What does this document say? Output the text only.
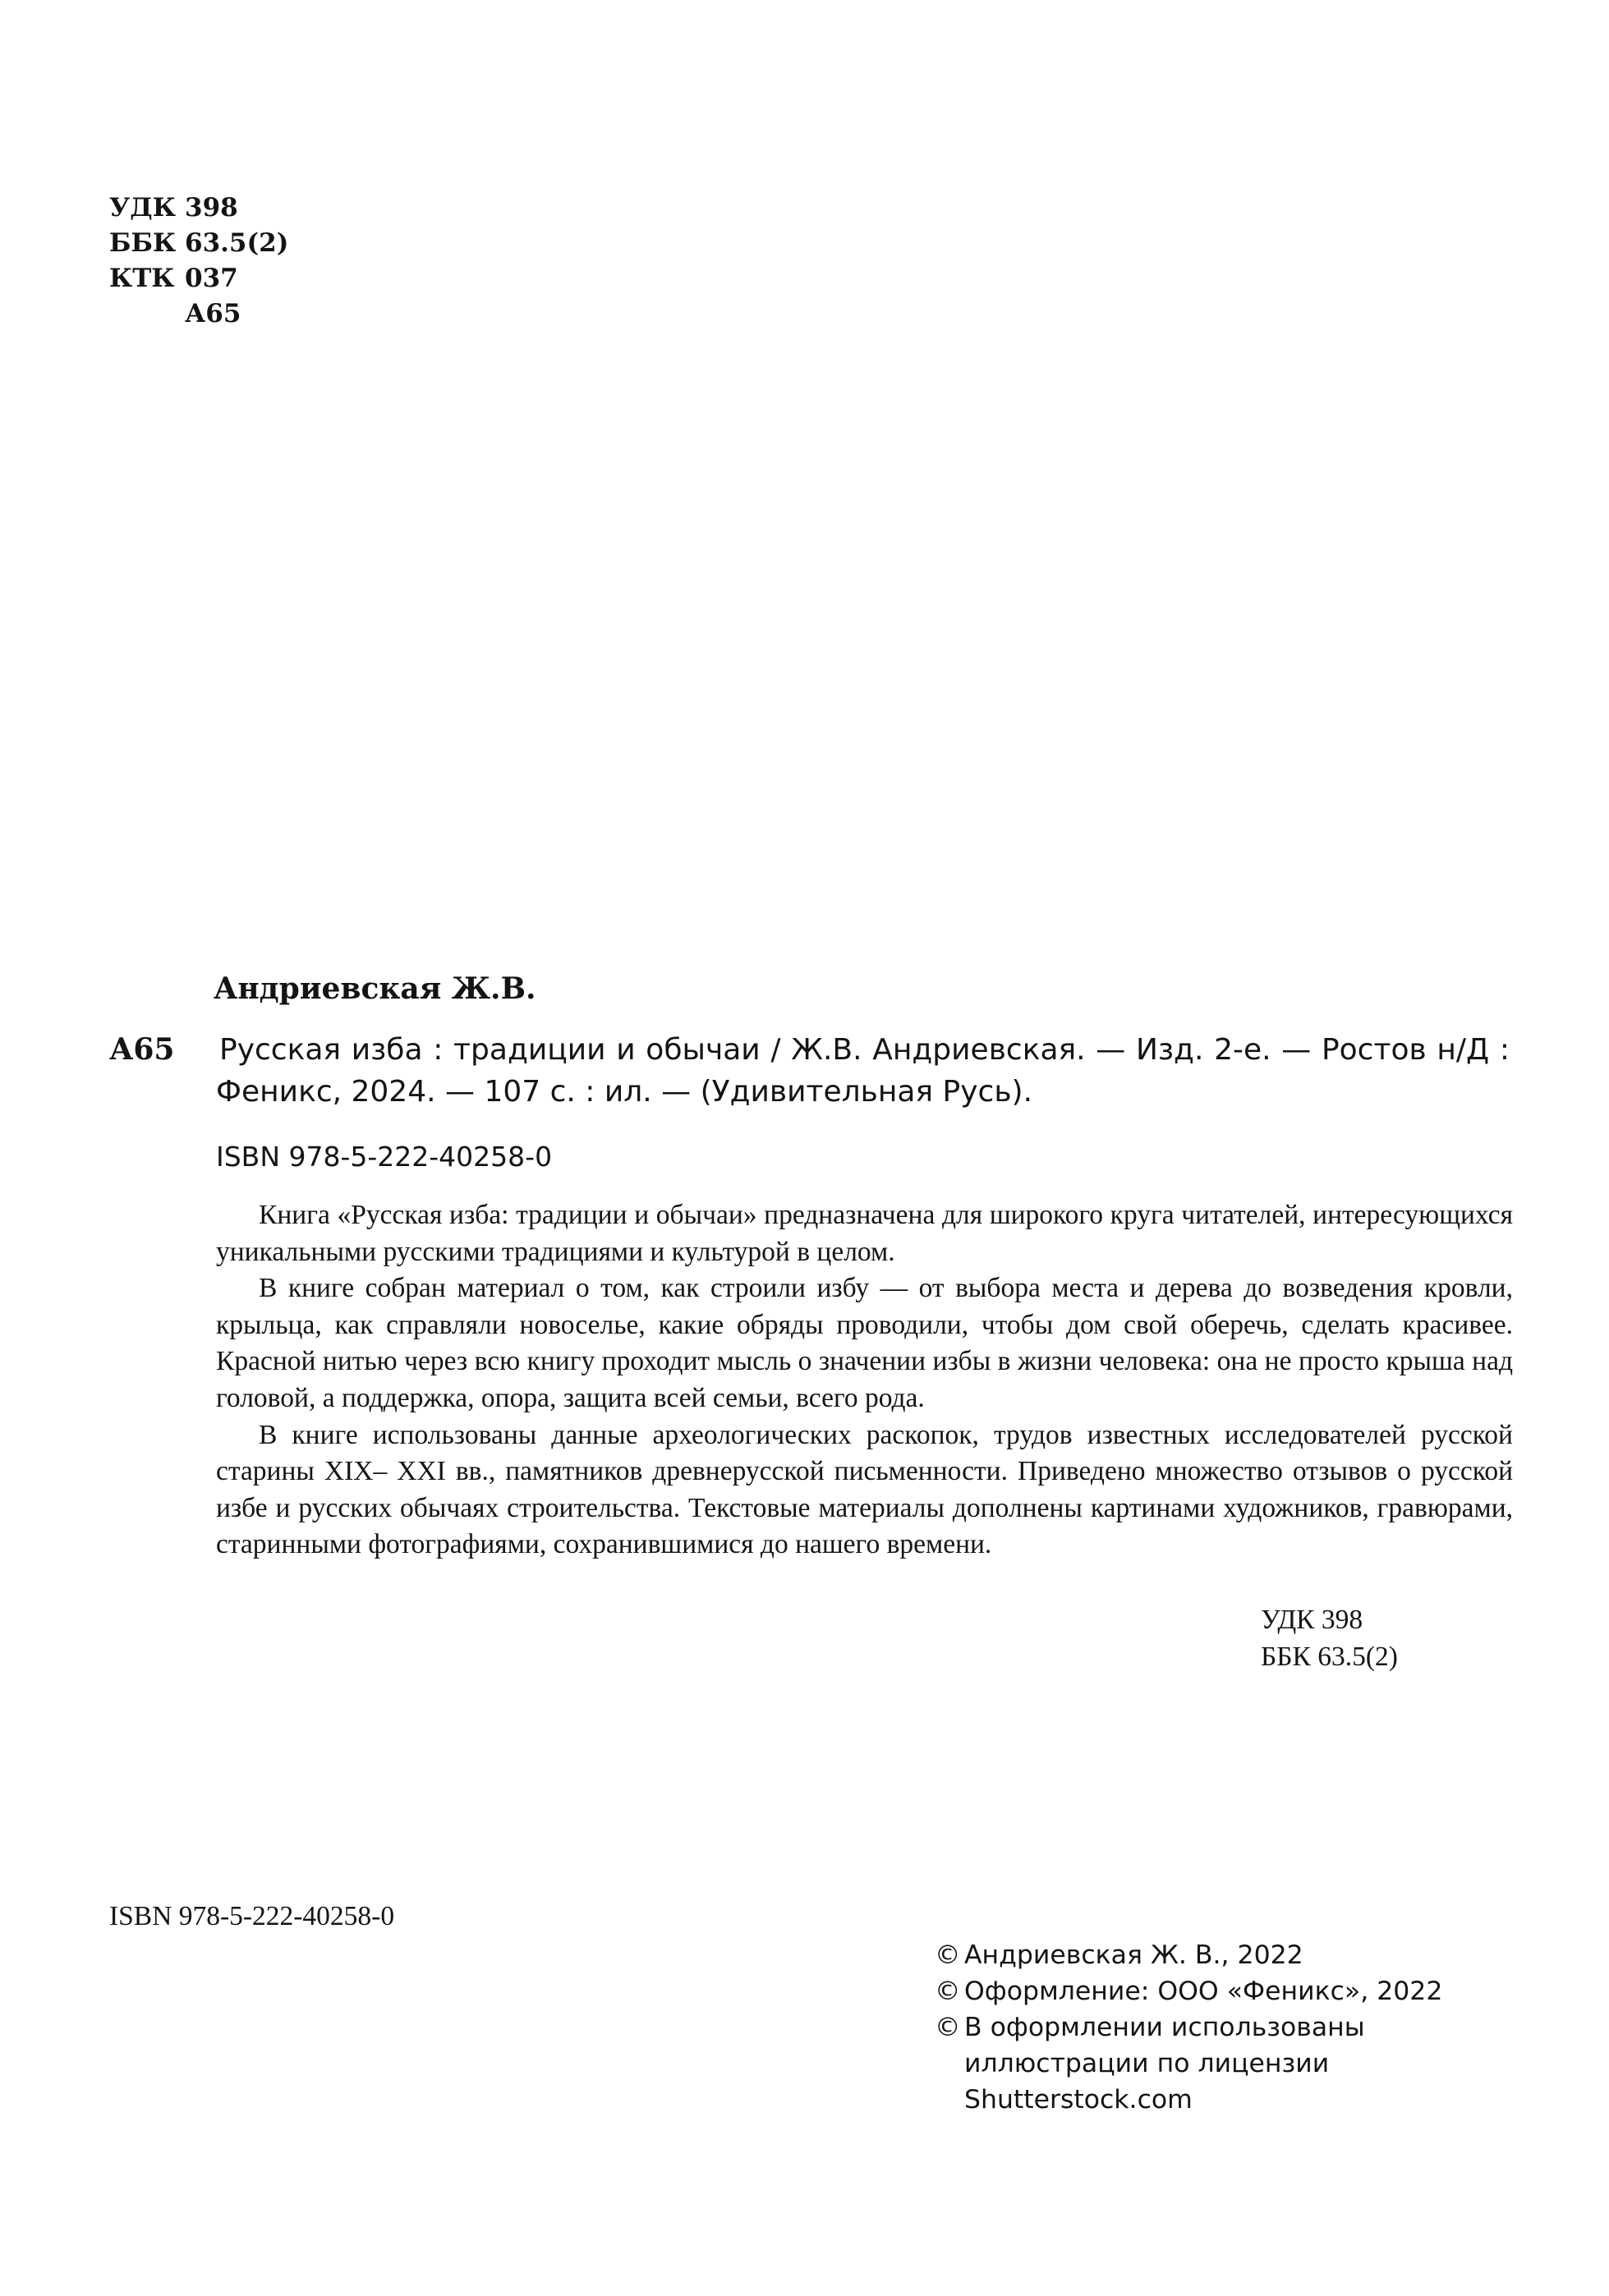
УДК 398
ББК 63.5(2)
КТК 037
А65
Андриевская Ж.В.
А65 Русская изба : традиции и обычаи / Ж.В. Андриевская. — Изд. 2-е. — Ростов н/Д : Феникс, 2024. — 107 с. : ил. — (Удивительная Русь).
ISBN 978-5-222-40258-0

Книга «Русская изба: традиции и обычаи» предназначена для широкого круга читателей, интересующихся уникальными русскими традициями и культурой в целом.

В книге собран материал о том, как строили избу — от выбора места и дерева до возведения кровли, крыльца, как справляли новоселье, какие обряды проводили, чтобы дом свой оберечь, сделать красивее. Красной нитью через всю книгу проходит мысль о значении избы в жизни человека: она не просто крыша над головой, а поддержка, опора, защита всей семьи, всего рода.

В книге использованы данные археологических раскопок, трудов известных исследователей русской старины XIX– XXI вв., памятников древнерусской письменности. Приведено множество отзывов о русской избе и русских обычаях строительства. Текстовые материалы дополнены картинами художников, гравюрами, старинными фотографиями, сохранившимися до нашего времени.

УДК 398
ББК 63.5(2)
ISBN 978-5-222-40258-0
© Андриевская Ж. В., 2022
© Оформление: ООО «Феникс», 2022
© В оформлении использованы
иллюстрации по лицензии
Shutterstock.com
